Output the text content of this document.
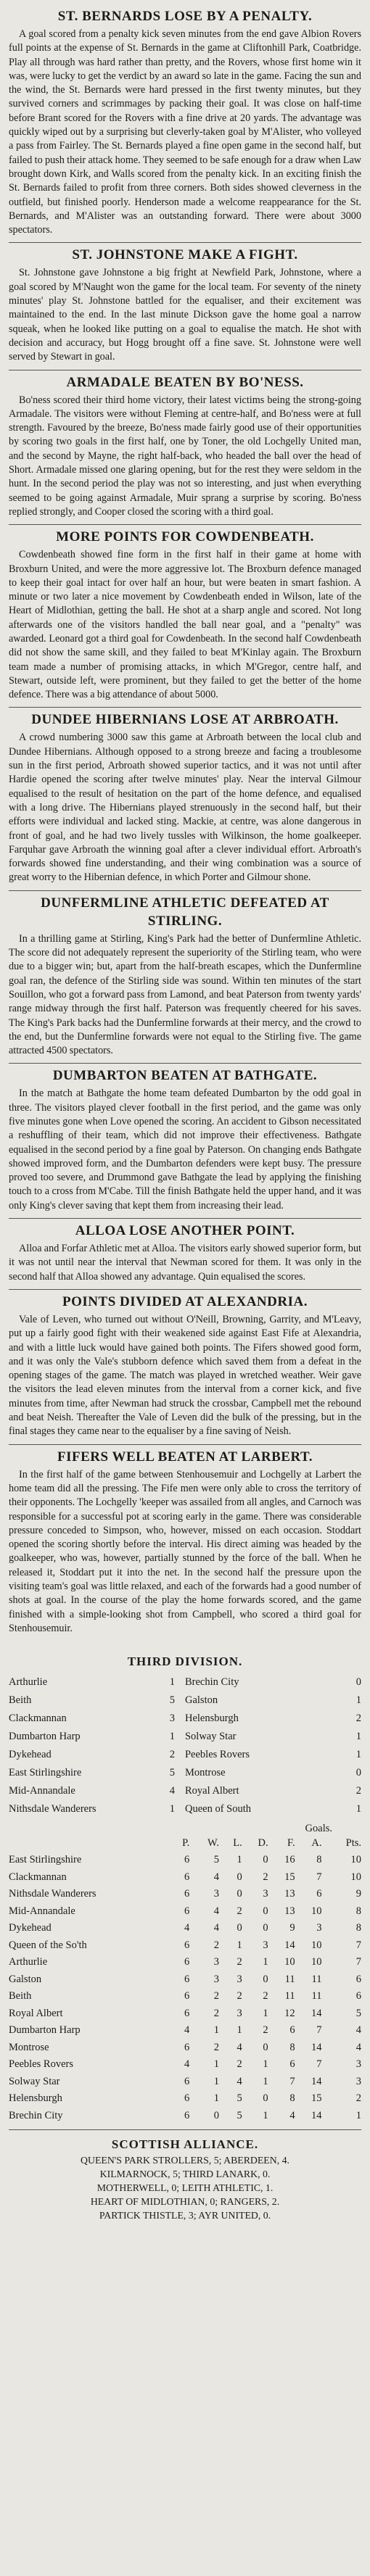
ST. BERNARDS LOSE BY A PENALTY.

A goal scored from a penalty kick seven minutes from the end gave Albion Rovers full points at the expense of St. Bernards in the game at Cliftonhill Park, Coatbridge. Play all through was hard rather than pretty, and the Rovers, whose first home win it was, were lucky to get the verdict by an award so late in the game. Facing the sun and the wind, the St. Bernards were hard pressed in the first twenty minutes, but they survived corners and scrimmages by packing their goal. It was close on half-time before Brant scored for the Rovers with a fine drive at 20 yards. The advantage was quickly wiped out by a surprising but cleverly-taken goal by M'Alister, who volleyed a pass from Fairley. The St. Bernards played a fine open game in the second half, but failed to push their attack home. They seemed to be safe enough for a draw when Law brought down Kirk, and Walls scored from the penalty kick. In an exciting finish the St. Bernards failed to profit from three corners. Both sides showed cleverness in the outfield, but finished poorly. Henderson made a welcome reappearance for the St. Bernards, and M'Alister was an outstanding forward. There were about 3000 spectators.

ST. JOHNSTONE MAKE A FIGHT.

St. Johnstone gave Johnstone a big fright at Newfield Park, Johnstone, where a goal scored by M'Naught won the game for the local team. For seventy of the ninety minutes' play St. Johnstone battled for the equaliser, and their excitement was maintained to the end. In the last minute Dickson gave the home goal a narrow squeak, when he looked like putting on a goal to equalise the match. He shot with decision and accuracy, but Hogg brought off a fine save. St. Johnstone were well served by Stewart in goal.

ARMADALE BEATEN BY BO'NESS.

Bo'ness scored their third home victory, their latest victims being the strong-going Armadale. The visitors were without Fleming at centre-half, and Bo'ness were at full strength. Favoured by the breeze, Bo'ness made fairly good use of their opportunities by scoring two goals in the first half, one by Toner, the old Lochgelly United man, and the second by Mayne, the right half-back, who headed the ball over the head of Short. Armadale missed one glaring opening, but for the rest they were seldom in the hunt. In the second period the play was not so interesting, and just when everything seemed to be going against Armadale, Muir sprang a surprise by scoring. Bo'ness replied strongly, and Cooper closed the scoring with a third goal.

MORE POINTS FOR COWDENBEATH.

Cowdenbeath showed fine form in the first half in their game at home with Broxburn United, and were the more aggressive lot. The Broxburn defence managed to keep their goal intact for over half an hour, but were beaten in smart fashion. A minute or two later a nice movement by Cowdenbeath ended in Wilson, late of the Heart of Midlothian, getting the ball. He shot at a sharp angle and scored. Not long afterwards one of the visitors handled the ball near goal, and a "penalty" was awarded. Leonard got a third goal for Cowdenbeath. In the second half Cowdenbeath did not show the same skill, and they failed to beat M'Kinlay again. The Broxburn team made a number of promising attacks, in which M'Gregor, centre half, and Stewart, outside left, were prominent, but they failed to get the better of the home defence. There was a big attendance of about 5000.

DUNDEE HIBERNIANS LOSE AT ARBROATH.

A crowd numbering 3000 saw this game at Arbroath between the local club and Dundee Hibernians. Although opposed to a strong breeze and facing a troublesome sun in the first period, Arbroath showed superior tactics, and it was not until after Hardie opened the scoring after twelve minutes' play. Near the interval Gilmour equalised to the result of hesitation on the part of the home defence, and equalised with a long drive. The Hibernians played strenuously in the second half, but their efforts were individual and lacked sting. Mackie, at centre, was alone dangerous in front of goal, and he had two lively tussles with Wilkinson, the home goalkeeper. Farquhar gave Arbroath the winning goal after a clever individual effort. Arbroath's forwards showed fine understanding, and their wing combination was a source of great worry to the Hibernian defence, in which Porter and Gilmour shone.

DUNFERMLINE ATHLETIC DEFEATED AT STIRLING.

In a thrilling game at Stirling, King's Park had the better of Dunfermline Athletic. The score did not adequately represent the superiority of the Stirling team, who were due to a bigger win; but, apart from the half-breath escapes, which the Dunfermline goal ran, the defence of the Stirling side was sound. Within ten minutes of the start Souillon, who got a forward pass from Lamond, and beat Paterson from twenty yards' range midway through the first half. Paterson was frequently cheered for his saves. The King's Park backs had the Dunfermline forwards at their mercy, and the crowd to the end, but the Dunfermline forwards were not equal to the Stirling five. The game attracted 4500 spectators.

DUMBARTON BEATEN AT BATHGATE.

In the match at Bathgate the home team defeated Dumbarton by the odd goal in three. The visitors played clever football in the first period, and the game was only five minutes gone when Love opened the scoring. An accident to Gibson necessitated a reshuffling of their team, which did not improve their effectiveness. Bathgate equalised in the second period by a fine goal by Paterson. On changing ends Bathgate showed improved form, and the Dumbarton defenders were kept busy. The pressure proved too severe, and Drummond gave Bathgate the lead by applying the finishing touch to a cross from M'Cabe. Till the finish Bathgate held the upper hand, and it was only King's clever saving that kept them from increasing their lead.

ALLOA LOSE ANOTHER POINT.

Alloa and Forfar Athletic met at Alloa. The visitors early showed superior form, but it was not until near the interval that Newman scored for them. It was only in the second half that Alloa showed any advantage. Quin equalised the scores.

POINTS DIVIDED AT ALEXANDRIA.

Vale of Leven, who turned out without O'Neill, Browning, Garrity, and M'Leavy, put up a fairly good fight with their weakened side against East Fife at Alexandria, and with a little luck would have gained both points. The Fifers showed good form, and it was only the Vale's stubborn defence which saved them from a defeat in the opening stages of the game. The match was played in wretched weather. Weir gave the visitors the lead eleven minutes from the interval from a corner kick, and five minutes from time, after Newman had struck the crossbar, Campbell met the rebound and beat Neish. Thereafter the Vale of Leven did the bulk of the pressing, but in the final stages they came near to the equaliser by a fine saving of Neish.

FIFERS WELL BEATEN AT LARBERT.

In the first half of the game between Stenhousemuir and Lochgelly at Larbert the home team did all the pressing. The Fife men were only able to cross the territory of their opponents. The Lochgelly 'keeper was assailed from all angles, and Carnoch was responsible for a successful pot at scoring early in the game. There was considerable pressure conceded to Simpson, who, however, missed on each occasion. Stoddart opened the scoring shortly before the interval. His direct aiming was headed by the goalkeeper, who was, however, partially stunned by the force of the ball. When he released it, Stoddart put it into the net. In the second half the pressure upon the visiting team's goal was little relaxed, and each of the forwards had a good number of shots at goal. In the course of the play the home forwards scored, and the game finished with a simple-looking shot from Campbell, who scored a third goal for Stenhousemuir.

THIRD DIVISION.
Arthurlie	1	Brechin City	0
Beith	5	Galston	1
Clackmannan	3	Helensburgh	2
Dumbarton Harp	1	Solway Star	1
Dykehead	2	Peebles Rovers	1
East Stirlingshire	5	Montrose	0
Mid-Annandale	4	Royal Albert	2
Nithsdale Wanderers	1	Queen of South	1
Goals.
	P.	W.	L.	D.	F.	A.	Pts.
East Stirlingshire	6	5	1	0	16	8	10
Clackmannan	6	4	0	2	15	7	10
Nithsdale Wanderers	6	3	0	3	13	6	9
Mid-Annandale	6	4	2	0	13	10	8
Dykehead	4	4	0	0	9	3	8
Queen of the So'th	6	2	1	3	14	10	7
Arthurlie	6	3	2	1	10	10	7
Galston	6	3	3	0	11	11	6
Beith	6	2	2	2	11	11	6
Royal Albert	6	2	3	1	12	14	5
Dumbarton Harp	4	1	1	2	6	7	4
Montrose	6	2	4	0	8	14	4
Peebles Rovers	4	1	2	1	6	7	3
Solway Star	6	1	4	1	7	14	3
Helensburgh	6	1	5	0	8	15	2
Brechin City	6	0	5	1	4	14	1
SCOTTISH ALLIANCE.

QUEEN'S PARK STROLLERS, 5; ABERDEEN, 4.

KILMARNOCK, 5; THIRD LANARK, 0.

MOTHERWELL, 0; LEITH ATHLETIC, 1.

HEART OF MIDLOTHIAN, 0; RANGERS, 2.

PARTICK THISTLE, 3; AYR UNITED, 0.
